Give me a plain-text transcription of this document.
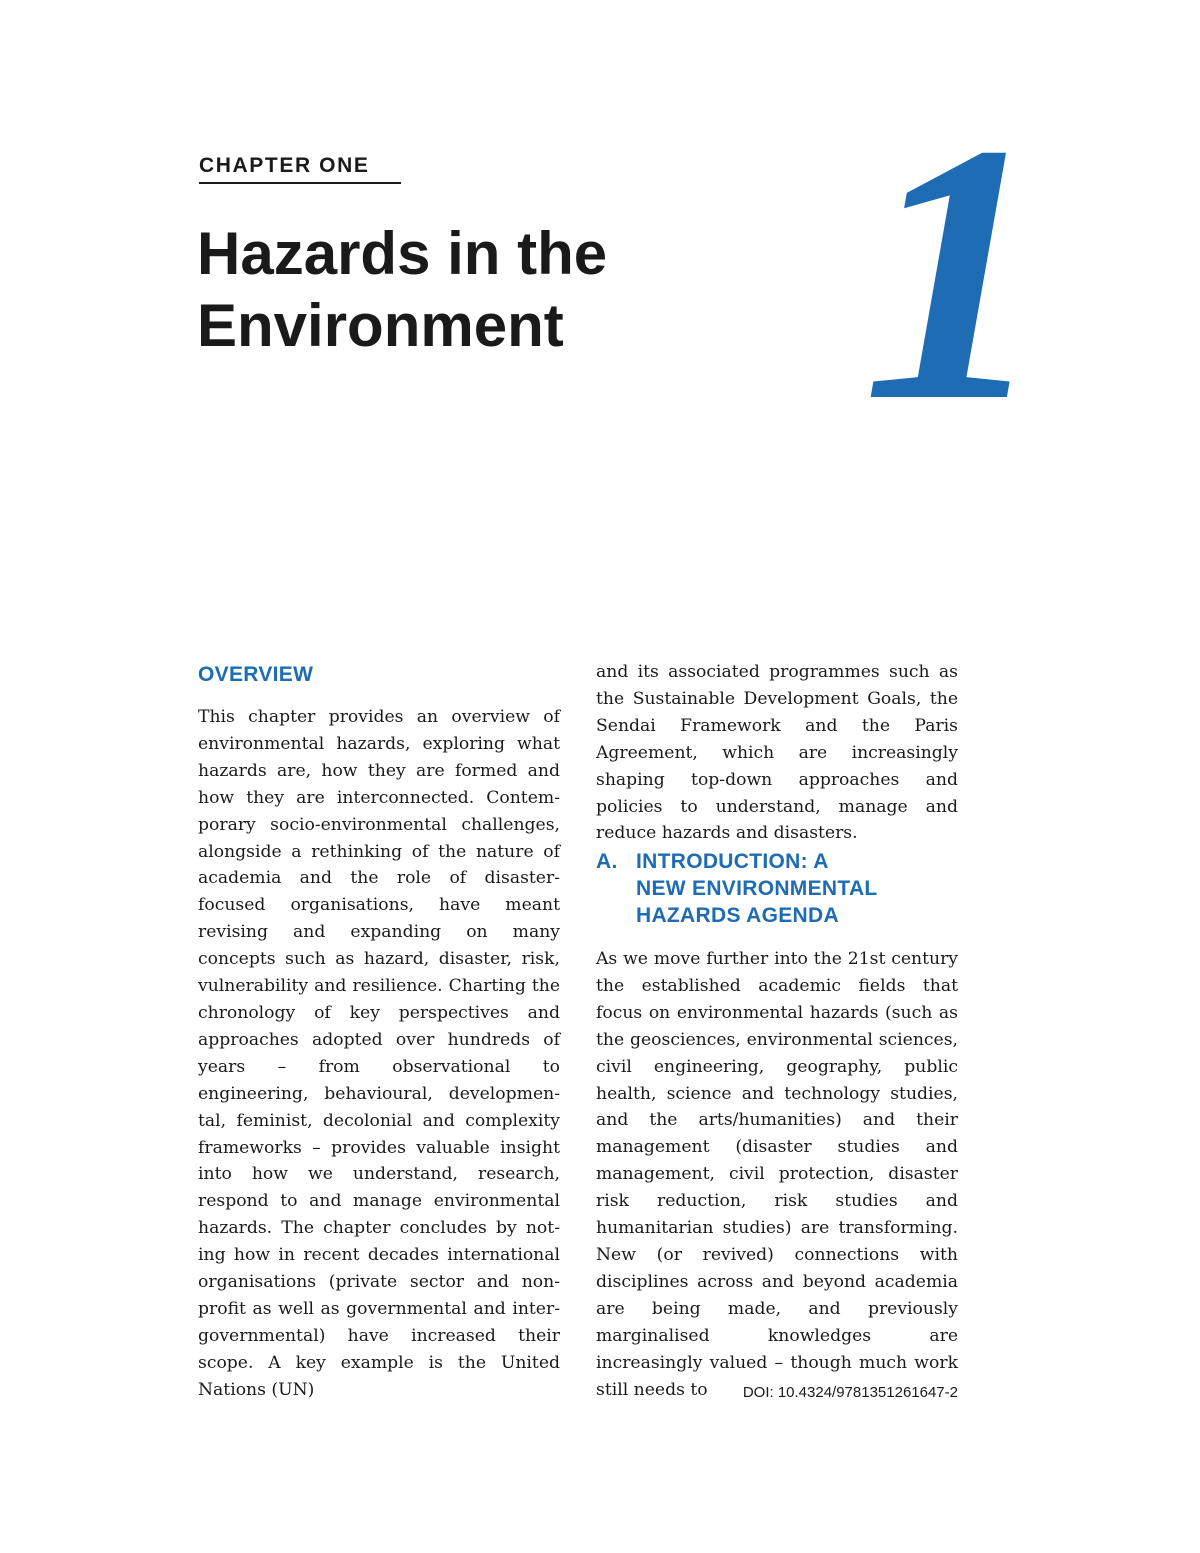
CHAPTER ONE
Hazards in the
Environment 1
OVERVIEW

This chapter provides an overview of environmental hazards, exploring what hazards are, how they are formed and how they are interconnected. Contemporary socio-environmental challenges, alongside a rethinking of the nature of academia and the role of disaster-focused organisations, have meant revising and expanding on many concepts such as hazard, disaster, risk, vulnerability and resilience. Charting the chronology of key perspectives and approaches adopted over hundreds of years – from observational to engineering, behavioural, developmental, feminist, decolonial and complexity frameworks – provides valuable insight into how we understand, research, respond to and manage environmental hazards. The chapter concludes by noting how in recent decades international organisations (private sector and nonprofit as well as governmental and intergovernmental) have increased their scope. A key example is the United Nations (UN)

and its associated programmes such as the Sustainable Development Goals, the Sendai Framework and the Paris Agreement, which are increasingly shaping top-down approaches and policies to understand, manage and reduce hazards and disasters.

A. INTRODUCTION: A
NEW ENVIRONMENTAL
HAZARDS AGENDA

As we move further into the 21st century the established academic fields that focus on environmental hazards (such as the geosciences, environmental sciences, civil engineering, geography, public health, science and technology studies, and the arts/humanities) and their management (disaster studies and management, civil protection, disaster risk reduction, risk studies and humanitarian studies) are transforming. New (or revived) connections with disciplines across and beyond academia are being made, and previously marginalised knowledges are increasingly valued – though much work still needs to	DOI: 10.4324/9781351261647-2
